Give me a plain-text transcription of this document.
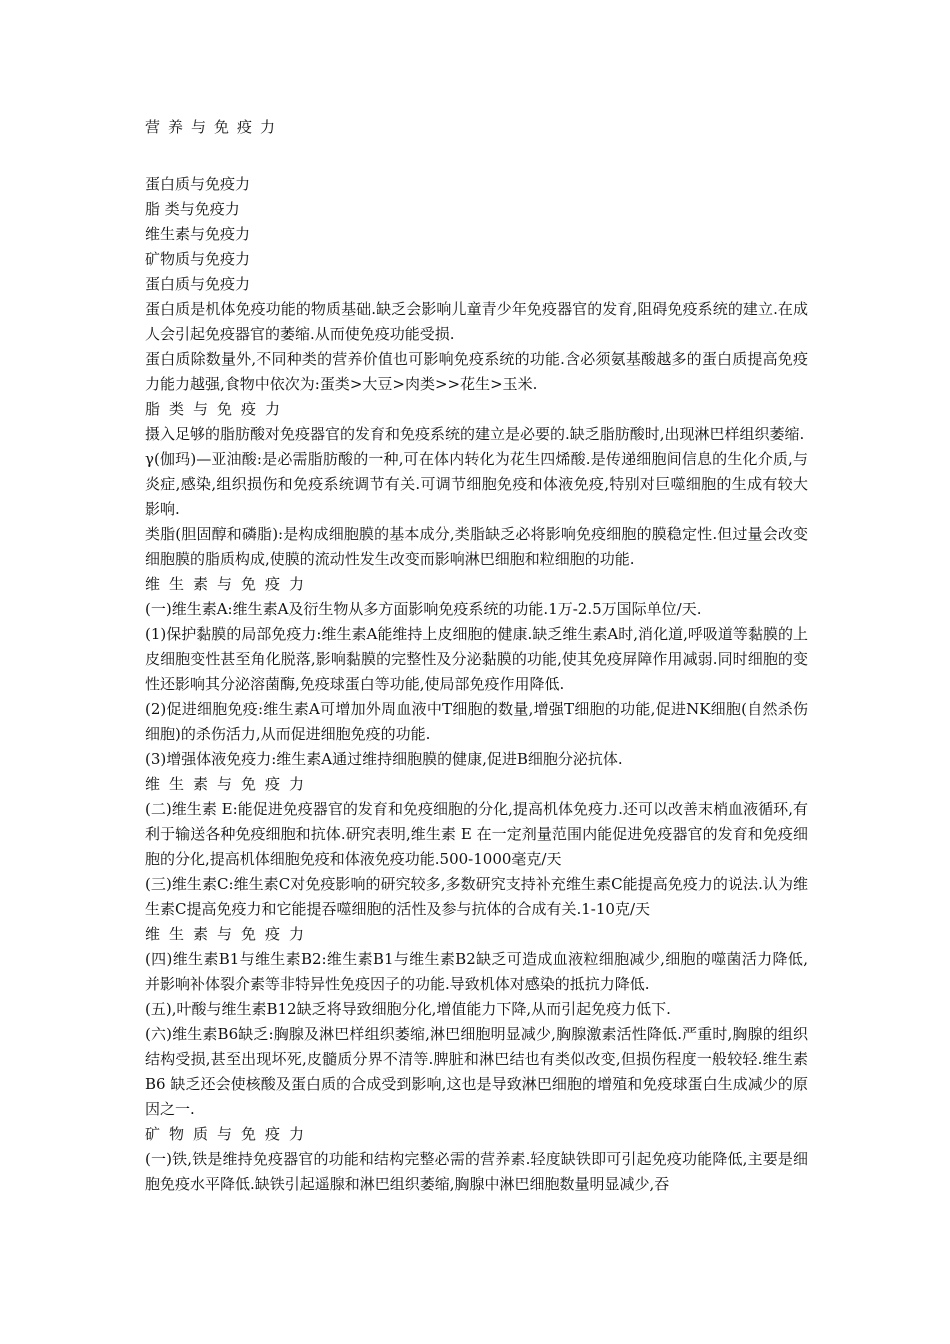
营养与免疫力

蛋白质与免疫力

脂 类与免疫力

维生素与免疫力

矿物质与免疫力

蛋白质与免疫力

蛋白质是机体免疫功能的物质基础.缺乏会影响儿童青少年免疫器官的发育,阻碍免疫系统的建立.在成人会引起免疫器官的萎缩.从而使免疫功能受损.

蛋白质除数量外,不同种类的营养价值也可影响免疫系统的功能.含必须氨基酸越多的蛋白质提高免疫力能力越强,食物中依次为:蛋类>大豆>肉类>>花生>玉米.

脂类与免疫力

摄入足够的脂肪酸对免疫器官的发育和免疫系统的建立是必要的.缺乏脂肪酸时,出现淋巴样组织萎缩.

γ(伽玛)—亚油酸:是必需脂肪酸的一种,可在体内转化为花生四烯酸.是传递细胞间信息的生化介质,与炎症,感染,组织损伤和免疫系统调节有关.可调节细胞免疫和体液免疫,特别对巨噬细胞的生成有较大影响.

类脂(胆固醇和磷脂):是构成细胞膜的基本成分,类脂缺乏必将影响免疫细胞的膜稳定性.但过量会改变细胞膜的脂质构成,使膜的流动性发生改变而影响淋巴细胞和粒细胞的功能.

维生素与免疫力

(一)维生素A:维生素A及衍生物从多方面影响免疫系统的功能.1万-2.5万国际单位/天.

(1)保护黏膜的局部免疫力:维生素A能维持上皮细胞的健康.缺乏维生素A时,消化道,呼吸道等黏膜的上皮细胞变性甚至角化脱落,影响黏膜的完整性及分泌黏膜的功能,使其免疫屏障作用减弱.同时细胞的变性还影响其分泌溶菌酶,免疫球蛋白等功能,使局部免疫作用降低.

(2)促进细胞免疫:维生素A可增加外周血液中T细胞的数量,增强T细胞的功能,促进NK细胞(自然杀伤细胞)的杀伤活力,从而促进细胞免疫的功能.

(3)增强体液免疫力:维生素A通过维持细胞膜的健康,促进B细胞分泌抗体.

维生素与免疫力

(二)维生素 E:能促进免疫器官的发育和免疫细胞的分化,提高机体免疫力.还可以改善末梢血液循环,有利于输送各种免疫细胞和抗体.研究表明,维生素 E 在一定剂量范围内能促进免疫器官的发育和免疫细胞的分化,提高机体细胞免疫和体液免疫功能.500-1000毫克/天

(三)维生素C:维生素C对免疫影响的研究较多,多数研究支持补充维生素C能提高免疫力的说法.认为维生素C提高免疫力和它能提吞噬细胞的活性及参与抗体的合成有关.1-10克/天

维生素与免疫力

(四)维生素B1与维生素B2:维生素B1与维生素B2缺乏可造成血液粒细胞减少,细胞的噬菌活力降低,并影响补体裂介素等非特异性免疫因子的功能.导致机体对感染的抵抗力降低.

(五),叶酸与维生素B12缺乏将导致细胞分化,增值能力下降,从而引起免疫力低下.

(六)维生素B6缺乏:胸腺及淋巴样组织萎缩,淋巴细胞明显减少,胸腺激素活性降低.严重时,胸腺的组织结构受损,甚至出现坏死,皮髓质分界不清等.脾脏和淋巴结也有类似改变,但损伤程度一般较轻.维生素 B6 缺乏还会使核酸及蛋白质的合成受到影响,这也是导致淋巴细胞的增殖和免疫球蛋白生成减少的原因之一.

矿物质与免疫力

(一)铁,铁是维持免疫器官的功能和结构完整必需的营养素.轻度缺铁即可引起免疫功能降低,主要是细胞免疫水平降低.缺铁引起遥腺和淋巴组织萎缩,胸腺中淋巴细胞数量明显减少,吞
